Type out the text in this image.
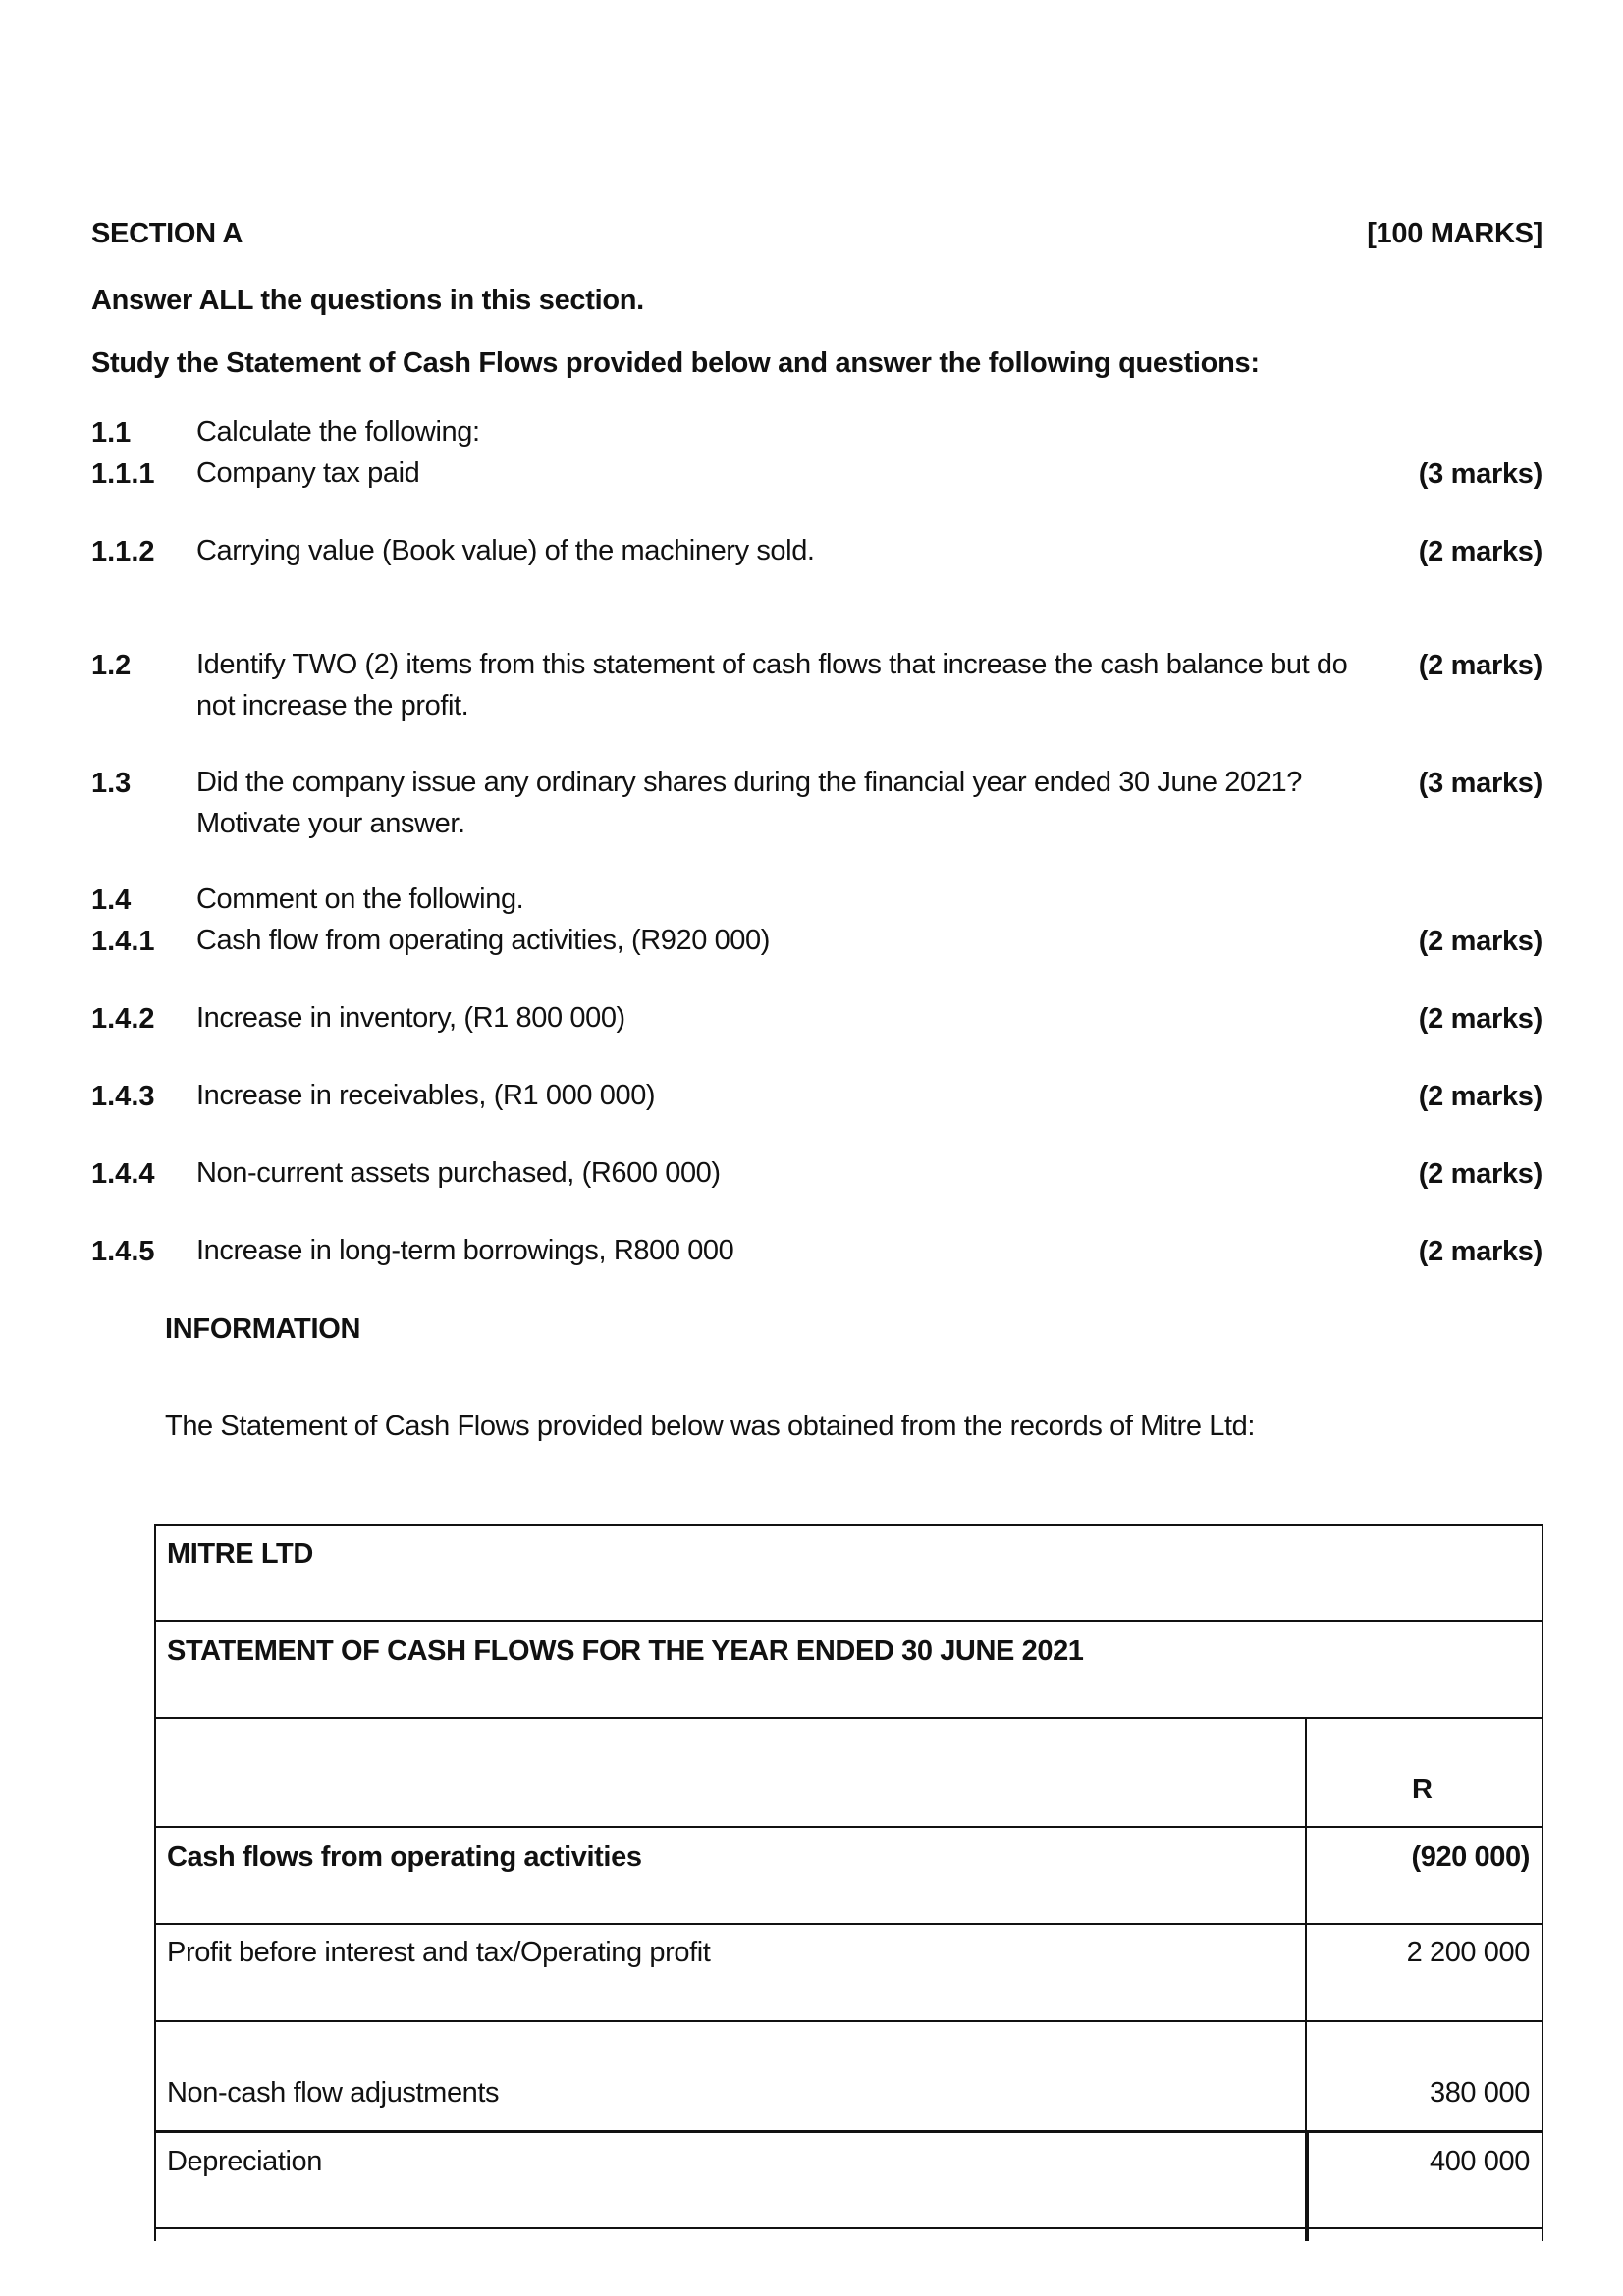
SECTION A	[100 MARKS]
Answer ALL the questions in this section.
Study the Statement of Cash Flows provided below and answer the following questions:
1.1 Calculate the following:
1.1.1 Company tax paid	(3 marks)
1.1.2 Carrying value (Book value) of the machinery sold.	(2 marks)
1.2 Identify TWO (2) items from this statement of cash flows that increase the cash balance but do not increase the profit.
(2 marks)
1.3 Did the company issue any ordinary shares during the financial year ended 30 June 2021? Motivate your answer.
(3 marks)
1.4 Comment on the following.
1.4.1 Cash flow from operating activities, (R920 000)	(2 marks)
1.4.2 Increase in inventory, (R1 800 000)	(2 marks)
1.4.3 Increase in receivables, (R1 000 000)	(2 marks)
1.4.4 Non-current assets purchased, (R600 000)	(2 marks)
1.4.5 Increase in long-term borrowings, R800 000	(2 marks)
INFORMATION
The Statement of Cash Flows provided below was obtained from the records of Mitre Ltd:
MITRE LTD
STATEMENT OF CASH FLOWS FOR THE YEAR ENDED 30 JUNE 2021
R
Cash flows from operating activities	(920 000)
Profit before interest and tax/Operating profit	2 200 000
Non-cash flow adjustments	380 000
Depreciation	400 000
